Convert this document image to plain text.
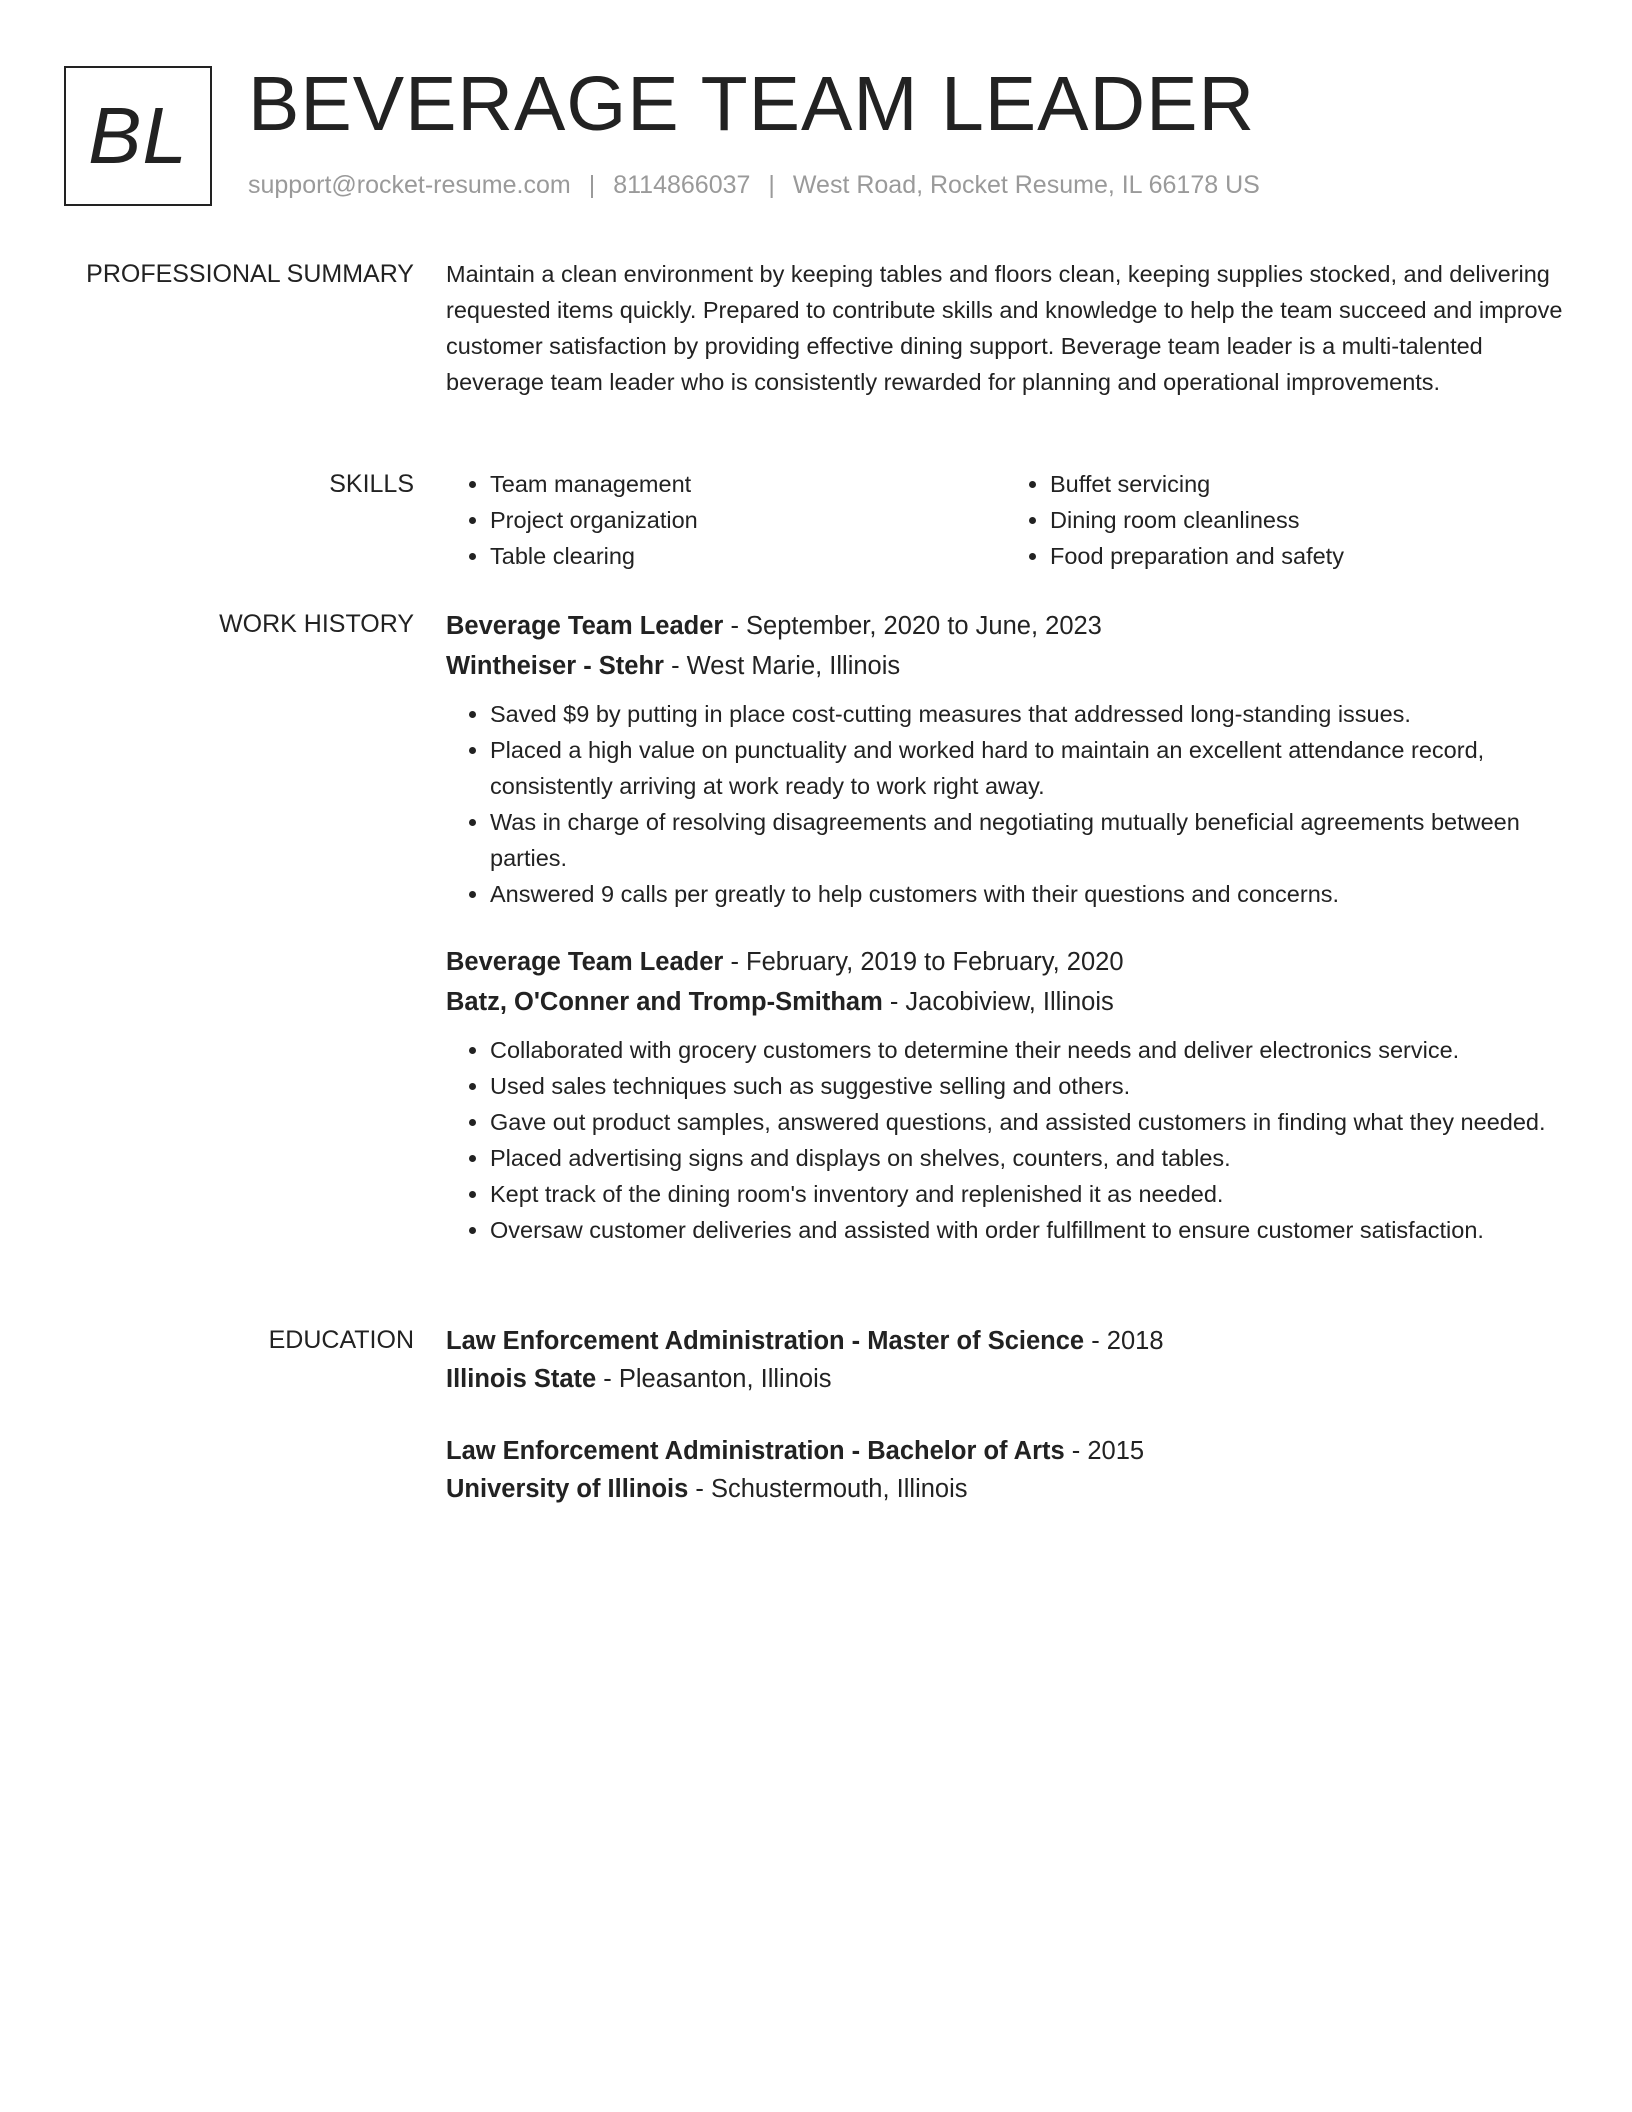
BL BEVERAGE TEAM LEADER
support@rocket-resume.com | 8114866037 | West Road, Rocket Resume, IL 66178 US
PROFESSIONAL SUMMARY Maintain a clean environment by keeping tables and floors clean, keeping supplies stocked, and delivering requested items quickly. Prepared to contribute skills and knowledge to help the team succeed and improve customer satisfaction by providing effective dining support. Beverage team leader is a multi-talented beverage team leader who is consistently rewarded for planning and operational improvements.

SKILLS
•	Team management
• Project organization
• Table clearing
• Buffet servicing
• Dining room cleanliness
• Food preparation and safety
WORK HISTORY Beverage Team Leader - September, 2020 to June, 2023
Wintheiser - Stehr - West Marie, Illinois
• Saved $9 by putting in place cost-cutting measures that addressed long-standing issues.
• Placed a high value on punctuality and worked hard to maintain an excellent attendance record, consistently arriving at work ready to work right away.
• Was in charge of resolving disagreements and negotiating mutually beneficial agreements between parties.
• Answered 9 calls per greatly to help customers with their questions and concerns.
Beverage Team Leader - February, 2019 to February, 2020
Batz, O'Conner and Tromp-Smitham - Jacobiview, Illinois
• Collaborated with grocery customers to determine their needs and deliver electronics service.
• Used sales techniques such as suggestive selling and others.
• Gave out product samples, answered questions, and assisted customers in finding what they needed.
• Placed advertising signs and displays on shelves, counters, and tables.
• Kept track of the dining room's inventory and replenished it as needed.
• Oversaw customer deliveries and assisted with order fulfillment to ensure customer satisfaction.
EDUCATION Law Enforcement Administration - Master of Science - 2018
Illinois State - Pleasanton, Illinois
Law Enforcement Administration - Bachelor of Arts - 2015
University of Illinois - Schustermouth, Illinois
